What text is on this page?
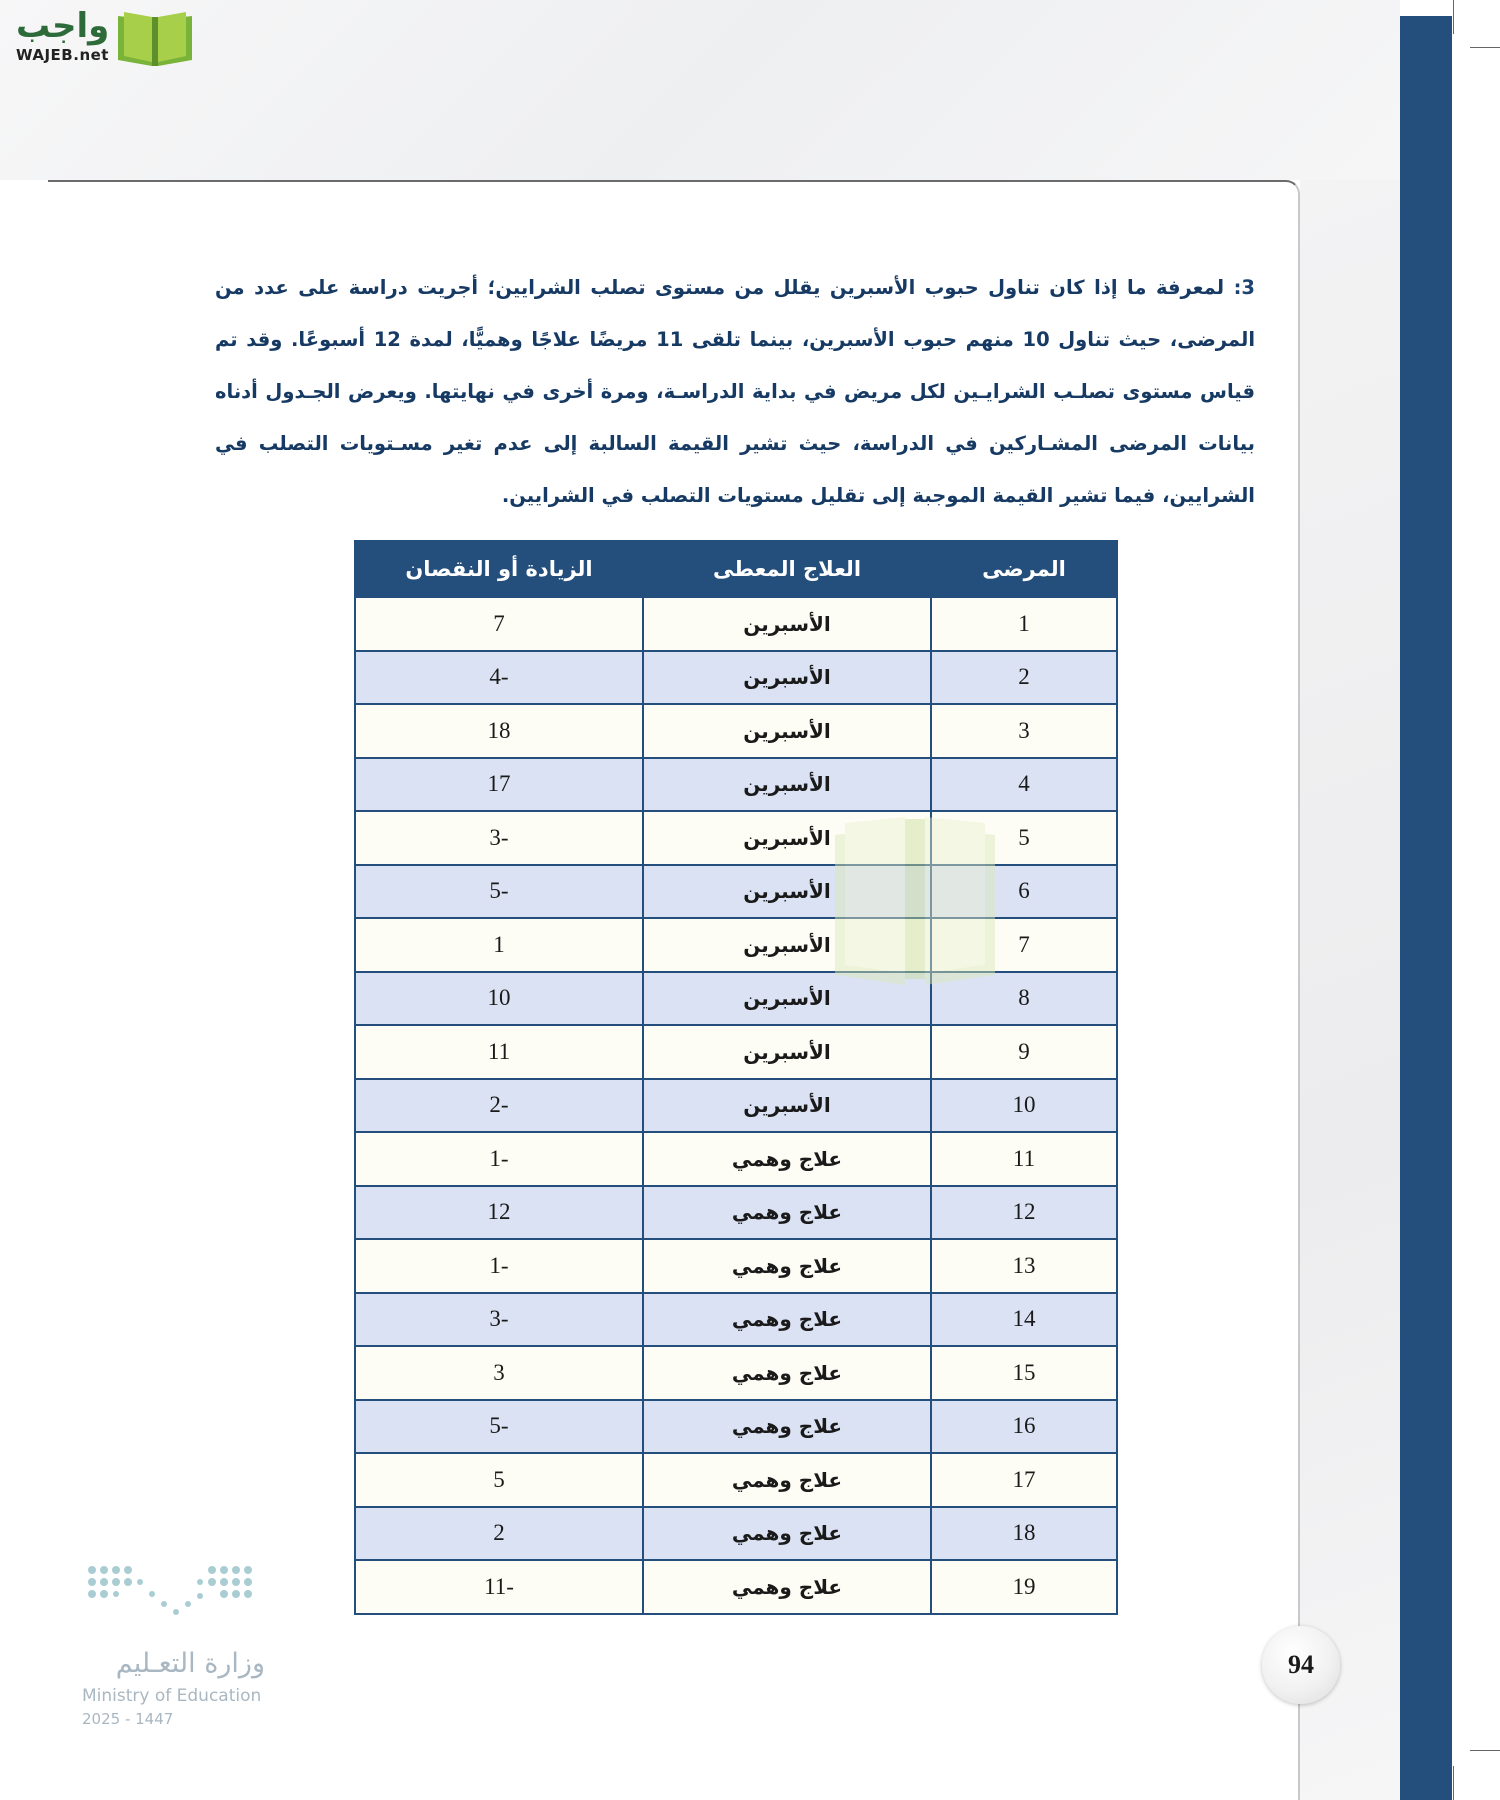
واجب
WAJEB.net
3: لمعرفة ما إذا كان تناول حبوب الأسبرين يقلل من مستوى تصلب الشرايين؛ أجريت دراسة على عدد من المرضى، حيث تناول 10 منهم حبوب الأسبرين، بينما تلقى 11 مريضًا علاجًا وهميًّا، لمدة 12 أسبوعًا. وقد تم قياس مستوى تصلـب الشرايـين لكل مريض في بداية الدراسـة، ومرة أخرى في نهايتها. ويعرض الجـدول أدناه بيانات المرضى المشـاركين في الدراسة، حيث تشير القيمة السالبة إلى عدم تغير مسـتويات التصلب في الشرايين، فيما تشير القيمة الموجبة إلى تقليل مستويات التصلب في الشرايين.
المرضى	العلاج المعطى	الزيادة أو النقصان
1	الأسبرين	7
2	الأسبرين	-4
3	الأسبرين	18
4	الأسبرين	17
5	الأسبرين	-3
6	الأسبرين	-5
7	الأسبرين	1
8	الأسبرين	10
9	الأسبرين	11
10	الأسبرين	-2
11	علاج وهمي	-1
12	علاج وهمي	12
13	علاج وهمي	-1
14	علاج وهمي	-3
15	علاج وهمي	3
16	علاج وهمي	-5
17	علاج وهمي	5
18	علاج وهمي	2
19	علاج وهمي	-11
94
وزارة التعـليم
Ministry of Education
2025 - 1447
